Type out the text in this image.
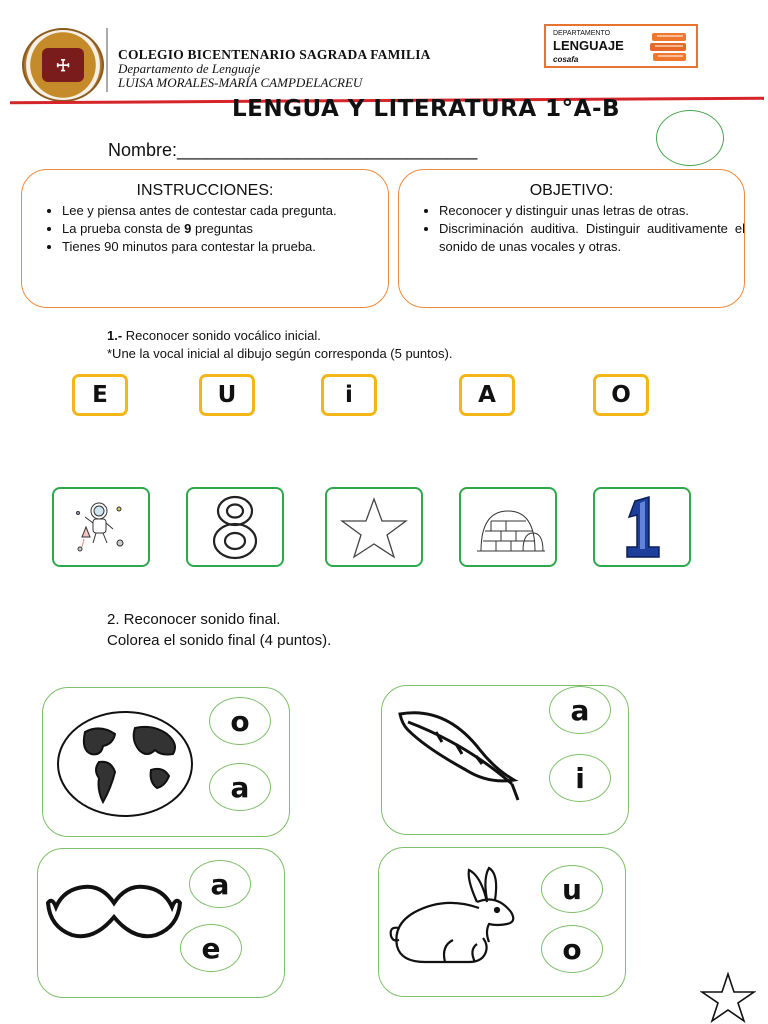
☩
COLEGIO BICENTENARIO SAGRADA FAMILIA
Departamento de Lenguaje
LUISA MORALES-MARÍA CAMPDELACREU
DEPARTAMENTO
LENGUAJE
cosafa
LENGUA Y LITERATURA 1°A-B
Nombre:______________________________
INSTRUCCIONES:
• Lee y piensa antes de contestar cada pregunta.
• La prueba consta de 9 preguntas
• Tienes 90 minutos para contestar la prueba.
OBJETIVO:
• Reconocer y distinguir unas letras de otras.
• Discriminación auditiva. Distinguir auditivamente el sonido de unas vocales y otras.
1.- Reconocer sonido vocálico inicial.
*Une la vocal inicial al dibujo según corresponda (5 puntos).
E	U	i	A	O
2. Reconocer sonido final.
Colorea el sonido final (4 puntos).
o
a
a
i
a
e
u
o
